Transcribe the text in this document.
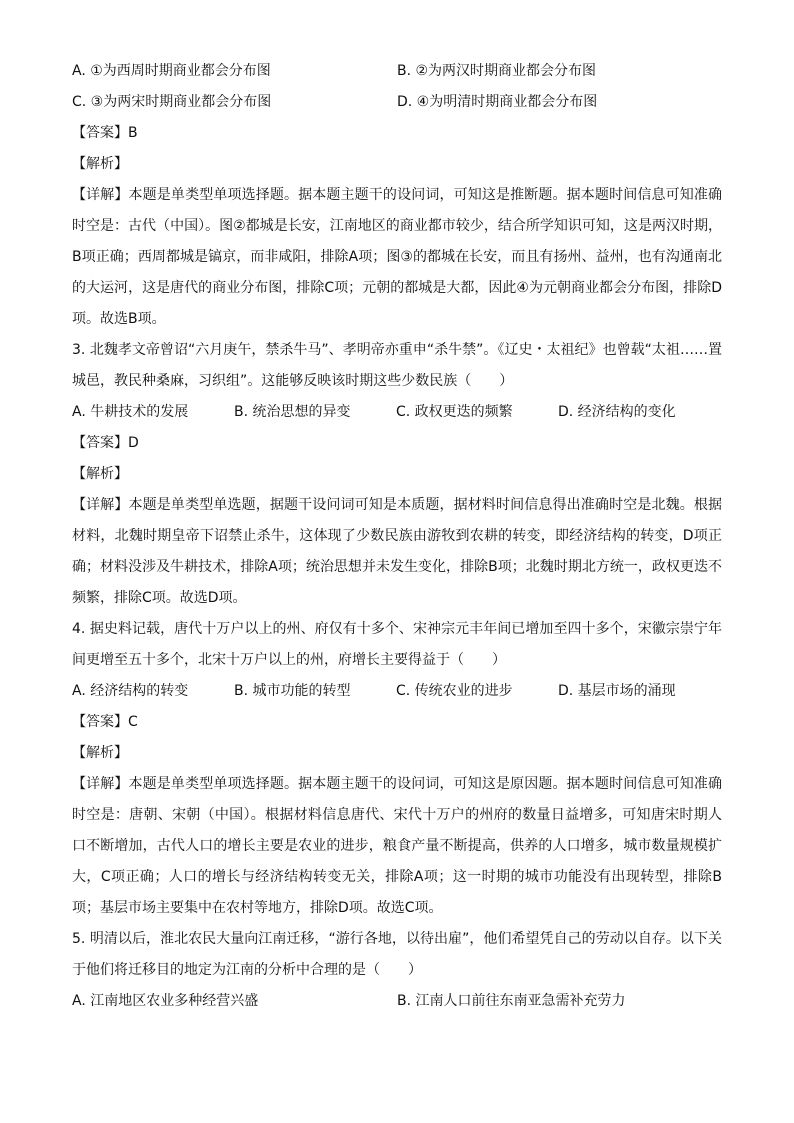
A. ①为西周时期商业都会分布图	B. ②为两汉时期商业都会分布图
C. ③为两宋时期商业都会分布图	D. ④为明清时期商业都会分布图
【答案】B
【解析】
【详解】本题是单类型单项选择题。据本题主题干的设问词，可知这是推断题。据本题时间信息可知准确时空是：古代（中国）。图②都城是长安，江南地区的商业都市较少，结合所学知识可知，这是两汉时期，B项正确；西周都城是镐京，而非咸阳，排除A项；图③的都城在长安，而且有扬州、益州，也有沟通南北的大运河，这是唐代的商业分布图，排除C项；元朝的都城是大都，因此④为元朝商业都会分布图，排除D项。故选B项。
3. 北魏孝文帝曾诏“六月庚午，禁杀牛马”、孝明帝亦重申“杀牛禁”。《辽史・太祖纪》也曾载“太祖……置城邑，教民种桑麻，习织组”。这能够反映该时期这些少数民族（　　）
A. 牛耕技术的发展	B. 统治思想的异变	C. 政权更迭的频繁	D. 经济结构的变化
【答案】D
【解析】
【详解】本题是单类型单选题，据题干设问词可知是本质题，据材料时间信息得出准确时空是北魏。根据材料，北魏时期皇帝下诏禁止杀牛，这体现了少数民族由游牧到农耕的转变，即经济结构的转变，D项正确；材料没涉及牛耕技术，排除A项；统治思想并未发生变化，排除B项；北魏时期北方统一，政权更迭不频繁，排除C项。故选D项。
4. 据史料记载，唐代十万户以上的州、府仅有十多个、宋神宗元丰年间已增加至四十多个，宋徽宗崇宁年间更增至五十多个，北宋十万户以上的州，府增长主要得益于（　　）
A. 经济结构的转变	B. 城市功能的转型	C. 传统农业的进步	D. 基层市场的涌现
【答案】C
【解析】
【详解】本题是单类型单项选择题。据本题主题干的设问词，可知这是原因题。据本题时间信息可知准确时空是：唐朝、宋朝（中国）。根据材料信息唐代、宋代十万户的州府的数量日益增多，可知唐宋时期人口不断增加，古代人口的增长主要是农业的进步，粮食产量不断提高，供养的人口增多，城市数量规模扩大，C项正确；人口的增长与经济结构转变无关，排除A项；这一时期的城市功能没有出现转型，排除B项；基层市场主要集中在农村等地方，排除D项。故选C项。
5. 明清以后，淮北农民大量向江南迁移，“游行各地，以待出雇”，他们希望凭自己的劳动以自存。以下关于他们将迁移目的地定为江南的分析中合理的是（　　）
A. 江南地区农业多种经营兴盛	B. 江南人口前往东南亚急需补充劳力
